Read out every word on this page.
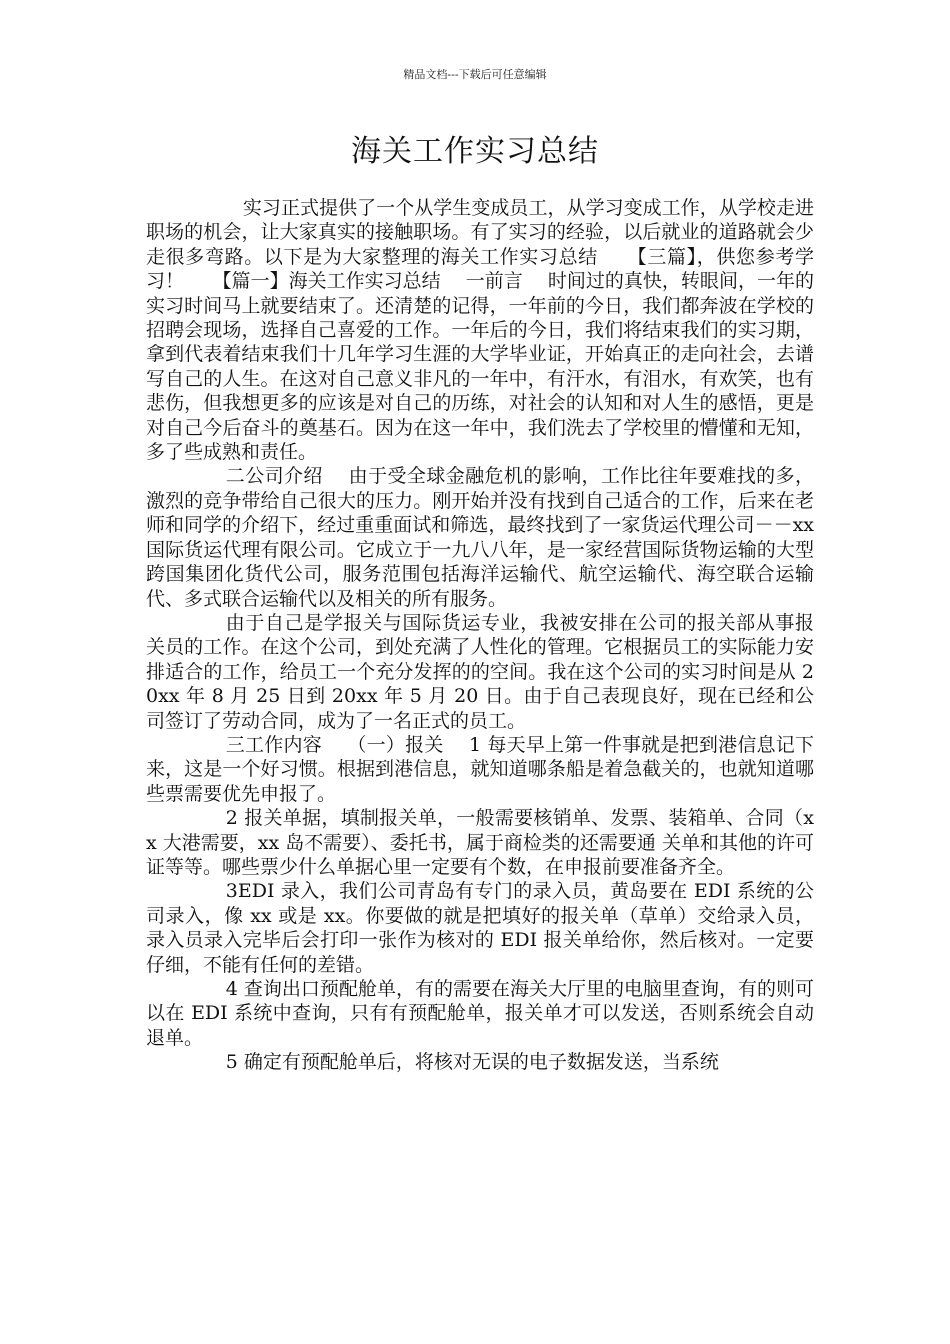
精品文档---下载后可任意编辑
海关工作实习总结

实习正式提供了一个从学生变成员工，从学习变成工作，从学校走进职场的机会，让大家真实的接触职场。有了实习的经验，以后就业的道路就会少走很多弯路。以下是为大家整理的海关工作实习总结　　【三篇】，供您参考学习！　　【篇一】海关工作实习总结　 一前言　 时间过的真快，转眼间，一年的实习时间马上就要结束了。还清楚的记得，一年前的今日，我们都奔波在学校的招聘会现场，选择自己喜爱的工作。一年后的今日，我们将结束我们的实习期，拿到代表着结束我们十几年学习生涯的大学毕业证，开始真正的走向社会，去谱写自己的人生。在这对自己意义非凡的一年中，有汗水，有泪水，有欢笑，也有悲伤，但我想更多的应该是对自己的历练，对社会的认知和对人生的感悟，更是对自己今后奋斗的奠基石。因为在这一年中，我们洗去了学校里的懵懂和无知，多了些成熟和责任。

二公司介绍　 由于受全球金融危机的影响，工作比往年要难找的多，激烈的竞争带给自己很大的压力。刚开始并没有找到自己适合的工作，后来在老师和同学的介绍下，经过重重面试和筛选，最终找到了一家货运代理公司－－xx 国际货运代理有限公司。它成立于一九八八年，是一家经营国际货物运输的大型跨国集团化货代公司，服务范围包括海洋运输代、航空运输代、海空联合运输代、多式联合运输代以及相关的所有服务。

由于自己是学报关与国际货运专业，我被安排在公司的报关部从事报关员的工作。在这个公司，到处充满了人性化的管理。它根据员工的实际能力安排适合的工作，给员工一个充分发挥的的空间。我在这个公司的实习时间是从 20xx 年 8 月 25 日到 20xx 年 5 月 20 日。由于自己表现良好，现在已经和公司签订了劳动合同，成为了一名正式的员工。

三工作内容　 （一）报关　 1 每天早上第一件事就是把到港信息记下来，这是一个好习惯。根据到港信息，就知道哪条船是着急截关的，也就知道哪些票需要优先申报了。

2 报关单据，填制报关单，一般需要核销单、发票、装箱单、合同（xx 大港需要，xx 岛不需要）、委托书，属于商检类的还需要通 关单和其他的许可证等等。哪些票少什么单据心里一定要有个数，在申报前要准备齐全。

3EDI 录入，我们公司青岛有专门的录入员，黄岛要在 EDI 系统的公司录入，像 xx 或是 xx。你要做的就是把填好的报关单（草单）交给录入员，录入员录入完毕后会打印一张作为核对的 EDI 报关单给你，然后核对。一定要仔细，不能有任何的差错。

4 查询出口预配舱单，有的需要在海关大厅里的电脑里查询，有的则可以在 EDI 系统中查询，只有有预配舱单，报关单才可以发送，否则系统会自动退单。

5 确定有预配舱单后，将核对无误的电子数据发送，当系统
